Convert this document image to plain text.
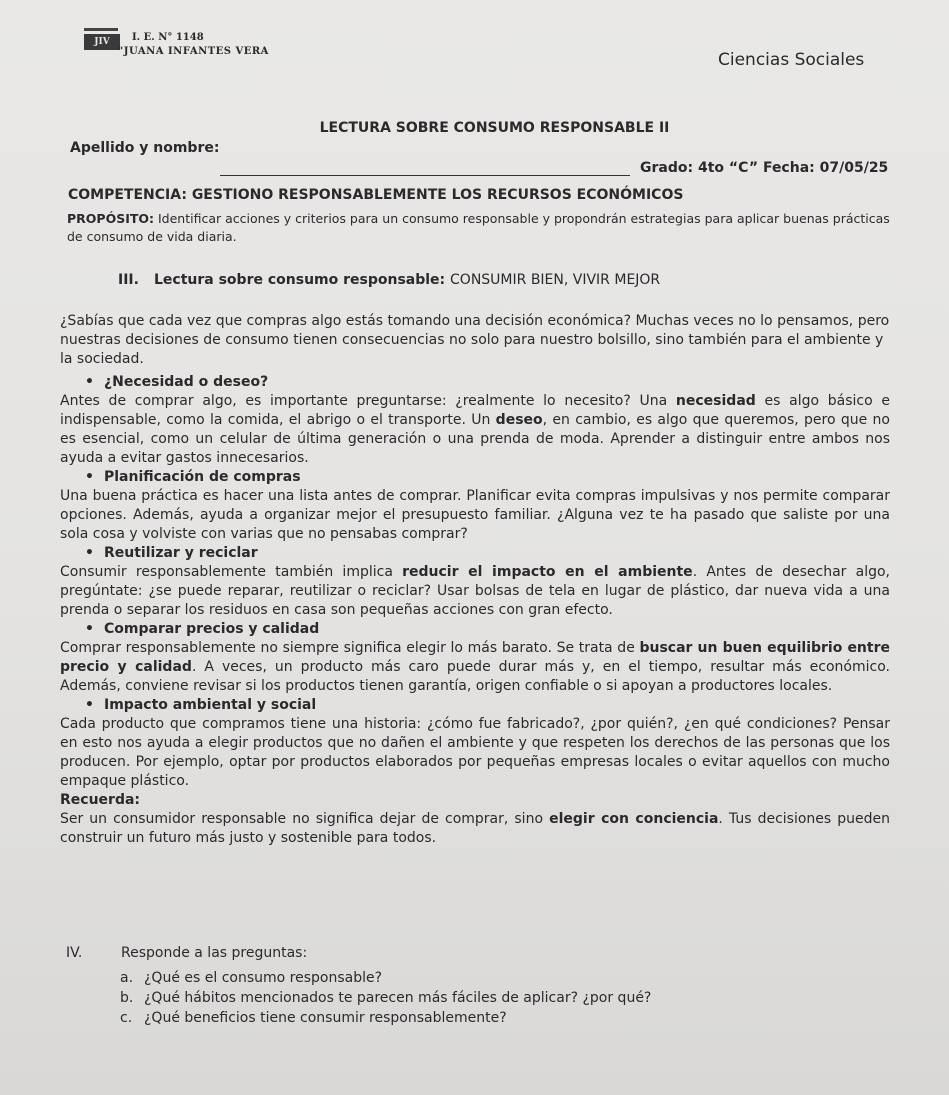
JIV	I. E. N° 1148
"JUANA INFANTES VERA	Ciencias Sociales
LECTURA SOBRE CONSUMO RESPONSABLE II
Apellido y nombre:
Grado: 4to “C” Fecha: 07/05/25
COMPETENCIA: GESTIONO RESPONSABLEMENTE LOS RECURSOS ECONÓMICOS
PROPÓSITO: Identificar acciones y criterios para un consumo responsable y propondrán estrategias para aplicar buenas prácticas de consumo de vida diaria.
III. Lectura sobre consumo responsable: CONSUMIR BIEN, VIVIR MEJOR

¿Sabías que cada vez que compras algo estás tomando una decisión económica? Muchas veces no lo pensamos, pero nuestras decisiones de consumo tienen consecuencias no solo para nuestro bolsillo, sino también para el ambiente y la sociedad.

• ¿Necesidad o deseo?

Antes de comprar algo, es importante preguntarse: ¿realmente lo necesito? Una necesidad es algo básico e indispensable, como la comida, el abrigo o el transporte. Un deseo, en cambio, es algo que queremos, pero que no es esencial, como un celular de última generación o una prenda de moda. Aprender a distinguir entre ambos nos ayuda a evitar gastos innecesarios.

• Planificación de compras

Una buena práctica es hacer una lista antes de comprar. Planificar evita compras impulsivas y nos permite comparar opciones. Además, ayuda a organizar mejor el presupuesto familiar. ¿Alguna vez te ha pasado que saliste por una sola cosa y volviste con varias que no pensabas comprar?

• Reutilizar y reciclar

Consumir responsablemente también implica reducir el impacto en el ambiente. Antes de desechar algo, pregúntate: ¿se puede reparar, reutilizar o reciclar? Usar bolsas de tela en lugar de plástico, dar nueva vida a una prenda o separar los residuos en casa son pequeñas acciones con gran efecto.

• Comparar precios y calidad

Comprar responsablemente no siempre significa elegir lo más barato. Se trata de buscar un buen equilibrio entre precio y calidad. A veces, un producto más caro puede durar más y, en el tiempo, resultar más económico. Además, conviene revisar si los productos tienen garantía, origen confiable o si apoyan a productores locales.

• Impacto ambiental y social

Cada producto que compramos tiene una historia: ¿cómo fue fabricado?, ¿por quién?, ¿en qué condiciones? Pensar en esto nos ayuda a elegir productos que no dañen el ambiente y que respeten los derechos de las personas que los producen. Por ejemplo, optar por productos elaborados por pequeñas empresas locales o evitar aquellos con mucho empaque plástico.

Recuerda:

Ser un consumidor responsable no significa dejar de comprar, sino elegir con conciencia. Tus decisiones pueden construir un futuro más justo y sostenible para todos.

IV.	Responde a las preguntas:
a. ¿Qué es el consumo responsable?
b. ¿Qué hábitos mencionados te parecen más fáciles de aplicar? ¿por qué?
c. ¿Qué beneficios tiene consumir responsablemente?
